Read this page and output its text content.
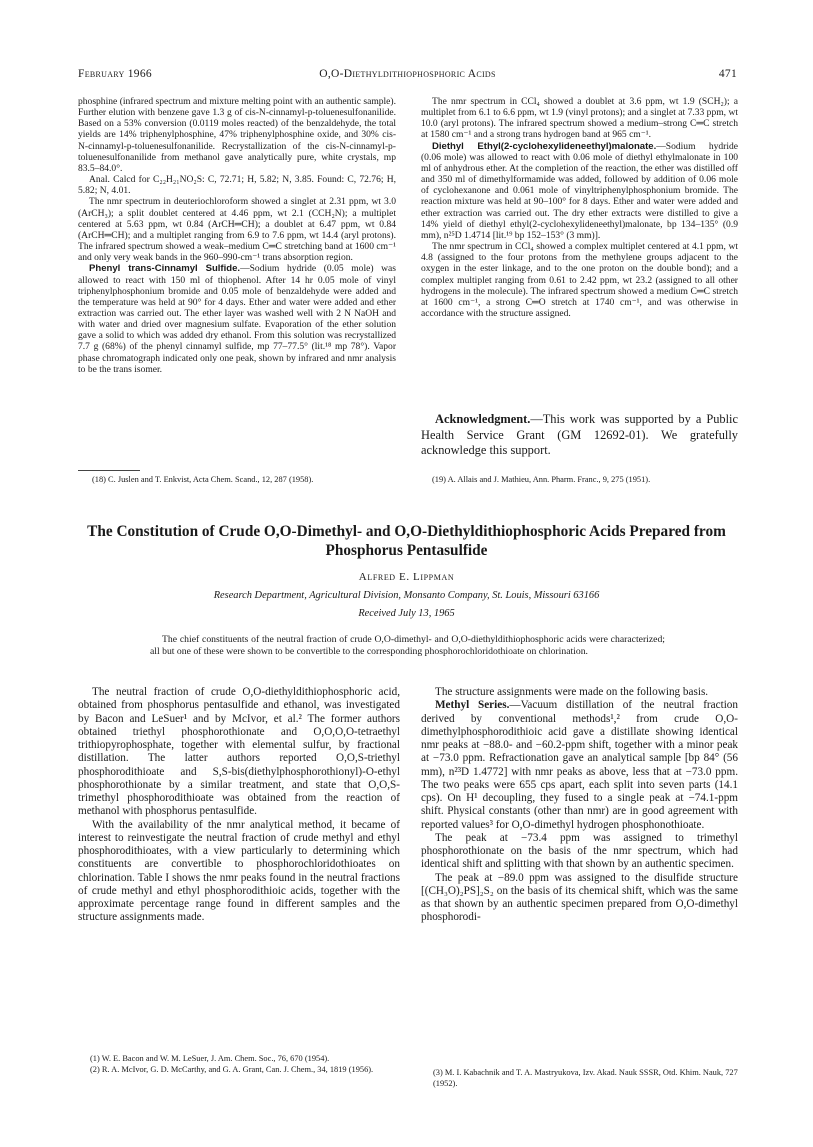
February 1966	O,O-Diethyldithiophosphoric Acids	471

phosphine (infrared spectrum and mixture melting point with an authentic sample). Further elution with benzene gave 1.3 g of cis-N-cinnamyl-p-toluenesulfonanilide. Based on a 53% conversion (0.0119 moles reacted) of the benzaldehyde, the total yields are 14% triphenylphosphine, 47% triphenylphosphine oxide, and 30% cis-N-cinnamyl-p-toluenesulfonanilide. Recrystallization of the cis-N-cinnamyl-p-toluenesulfonanilide from methanol gave analytically pure, white crystals, mp 83.5–84.0°.

Anal. Calcd for C₂₂H₂₁NO₂S: C, 72.71; H, 5.82; N, 3.85. Found: C, 72.76; H, 5.82; N, 4.01.

The nmr spectrum in deuteriochloroform showed a singlet at 2.31 ppm, wt 3.0 (ArCH₃); a split doublet centered at 4.46 ppm, wt 2.1 (CCH₂N); a multiplet centered at 5.63 ppm, wt 0.84 (ArCH═CH); a doublet at 6.47 ppm, wt 0.84 (ArCH═CH); and a multiplet ranging from 6.9 to 7.6 ppm, wt 14.4 (aryl protons). The infrared spectrum showed a weak–medium C═C stretching band at 1600 cm⁻¹ and only very weak bands in the 960–990-cm⁻¹ trans absorption region.

Phenyl trans-Cinnamyl Sulfide.—Sodium hydride (0.05 mole) was allowed to react with 150 ml of thiophenol. After 14 hr 0.05 mole of vinyl triphenylphosphonium bromide and 0.05 mole of benzaldehyde were added and the temperature was held at 90° for 4 days. Ether and water were added and ether extraction was carried out. The ether layer was washed well with 2 N NaOH and with water and dried over magnesium sulfate. Evaporation of the ether solution gave a solid to which was added dry ethanol. From this solution was recrystallized 7.7 g (68%) of the phenyl cinnamyl sulfide, mp 77–77.5° (lit.¹⁸ mp 78°). Vapor phase chromatograph indicated only one peak, shown by infrared and nmr analysis to be the trans isomer.

The nmr spectrum in CCl₄ showed a doublet at 3.6 ppm, wt 1.9 (SCH₂); a multiplet from 6.1 to 6.6 ppm, wt 1.9 (vinyl protons); and a singlet at 7.33 ppm, wt 10.0 (aryl protons). The infrared spectrum showed a medium–strong C═C stretch at 1580 cm⁻¹ and a strong trans hydrogen band at 965 cm⁻¹.

Diethyl Ethyl(2-cyclohexylideneethyl)malonate.—Sodium hydride (0.06 mole) was allowed to react with 0.06 mole of diethyl ethylmalonate in 100 ml of anhydrous ether. At the completion of the reaction, the ether was distilled off and 350 ml of dimethylformamide was added, followed by addition of 0.06 mole of cyclohexanone and 0.061 mole of vinyltriphenylphosphonium bromide. The reaction mixture was held at 90–100° for 8 days. Ether and water were added and ether extraction was carried out. The dry ether extracts were distilled to give a 14% yield of diethyl ethyl(2-cyclohexylideneethyl)malonate, bp 134–135° (0.9 mm), n²⁵D 1.4714 [lit.¹⁹ bp 152–153° (3 mm)].

The nmr spectrum in CCl₄ showed a complex multiplet centered at 4.1 ppm, wt 4.8 (assigned to the four protons from the methylene groups adjacent to the oxygen in the ester linkage, and to the one proton on the double bond); and a complex multiplet ranging from 0.61 to 2.42 ppm, wt 23.2 (assigned to all other hydrogens in the molecule). The infrared spectrum showed a medium C═C stretch at 1600 cm⁻¹, a strong C═O stretch at 1740 cm⁻¹, and was otherwise in accordance with the structure assigned.

Acknowledgment.—This work was supported by a Public Health Service Grant (GM 12692-01). We gratefully acknowledge this support.
(18) C. Juslen and T. Enkvist, Acta Chem. Scand., 12, 287 (1958).	(19) A. Allais and J. Mathieu, Ann. Pharm. Franc., 9, 275 (1951).
The Constitution of Crude O,O-Dimethyl- and O,O-Diethyldithiophosphoric Acids Prepared from Phosphorus Pentasulfide
Alfred E. Lippman
Research Department, Agricultural Division, Monsanto Company, St. Louis, Missouri 63166
Received July 13, 1965
The chief constituents of the neutral fraction of crude O,O-dimethyl- and O,O-diethyldithiophosphoric acids were characterized; all but one of these were shown to be convertible to the corresponding phosphorochloridothioate on chlorination.

The neutral fraction of crude O,O-diethyldithiophosphoric acid, obtained from phosphorus pentasulfide and ethanol, was investigated by Bacon and LeSuer¹ and by McIvor, et al.² The former authors obtained triethyl phosphorothionate and O,O,O,O-tetraethyl trithiopyrophosphate, together with elemental sulfur, by fractional distillation. The latter authors reported O,O,S-triethyl phosphorodithioate and S,S-bis(diethylphosphorothionyl)-O-ethyl phosphorothionate by a similar treatment, and state that O,O,S-trimethyl phosphorodithioate was obtained from the reaction of methanol with phosphorus pentasulfide.

With the availability of the nmr analytical method, it became of interest to reinvestigate the neutral fraction of crude methyl and ethyl phosphorodithioates, with a view particularly to determining which constituents are convertible to phosphorochloridothioates on chlorination. Table I shows the nmr peaks found in the neutral fractions of crude methyl and ethyl phosphorodithioic acids, together with the approximate percentage range found in different samples and the structure assignments made.

(1) W. E. Bacon and W. M. LeSuer, J. Am. Chem. Soc., 76, 670 (1954).
(2) R. A. McIvor, G. D. McCarthy, and G. A. Grant, Can. J. Chem., 34, 1819 (1956).

The structure assignments were made on the following basis.

Methyl Series.—Vacuum distillation of the neutral fraction derived by conventional methods¹,² from crude O,O-dimethylphosphorodithioic acid gave a distillate showing identical nmr peaks at −88.0- and −60.2-ppm shift, together with a minor peak at −73.0 ppm. Refractionation gave an analytical sample [bp 84° (56 mm), n²³D 1.4772] with nmr peaks as above, less that at −73.0 ppm. The two peaks were 655 cps apart, each split into seven parts (14.1 cps). On H¹ decoupling, they fused to a single peak at −74.1-ppm shift. Physical constants (other than nmr) are in good agreement with reported values³ for O,O-dimethyl hydrogen phosphonothioate.

The peak at −73.4 ppm was assigned to trimethyl phosphorothionate on the basis of the nmr spectrum, which had identical shift and splitting with that shown by an authentic specimen.

The peak at −89.0 ppm was assigned to the disulfide structure [(CH₃O)₂PS]₂S₂ on the basis of its chemical shift, which was the same as that shown by an authentic specimen prepared from O,O-dimethyl phosphorodi-

(3) M. I. Kabachnik and T. A. Mastryukova, Izv. Akad. Nauk SSSR, Otd. Khim. Nauk, 727 (1952).
